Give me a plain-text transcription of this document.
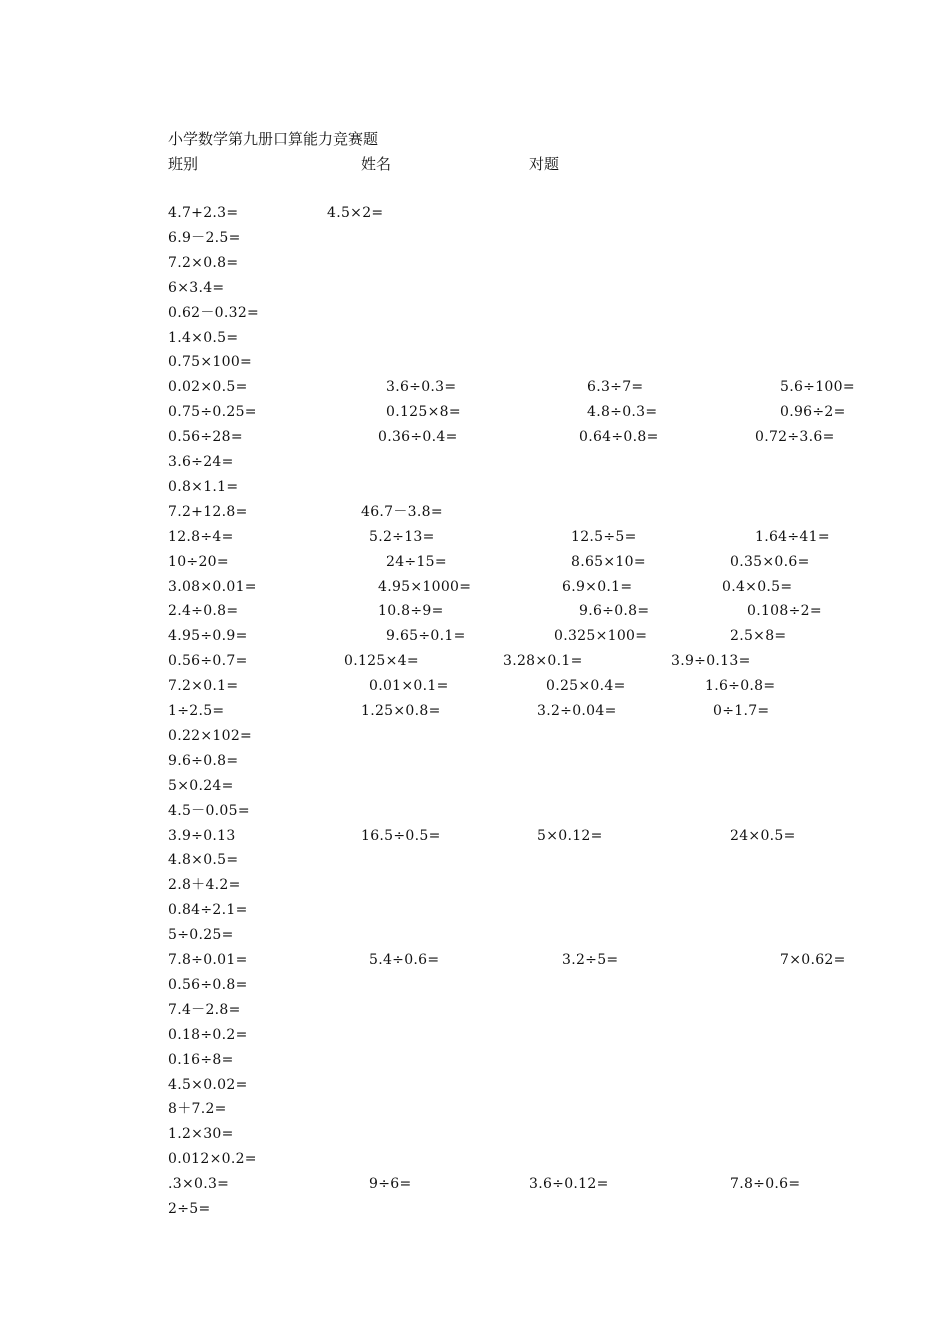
小学数学第九册口算能力竞赛题
班别	姓名	对题
4.7+2.3=	4.5×2=
6.9－2.5=
7.2×0.8=
6×3.4=
0.62－0.32=
1.4×0.5=
0.75×100=
0.02×0.5=	3.6÷0.3=	6.3÷7=	5.6÷100=
0.75÷0.25=	0.125×8=	4.8÷0.3=	0.96÷2=
0.56÷28=	0.36÷0.4=	0.64÷0.8=	0.72÷3.6=
3.6÷24=
0.8×1.1=
7.2+12.8=	46.7－3.8=
12.8÷4=	5.2÷13=	12.5÷5=	1.64÷41=
10÷20=	24÷15=	8.65×10=	0.35×0.6=
3.08×0.01=	4.95×1000=	6.9×0.1=	0.4×0.5=
2.4÷0.8=	10.8÷9=	9.6÷0.8=	0.108÷2=
4.95÷0.9=	9.65÷0.1=	0.325×100=	2.5×8=
0.56÷0.7=	0.125×4=	3.28×0.1=	3.9÷0.13=
7.2×0.1=	0.01×0.1=	0.25×0.4=	1.6÷0.8=
1÷2.5=	1.25×0.8=	3.2÷0.04=	0÷1.7=
0.22×102=
9.6÷0.8=
5×0.24=
4.5－0.05=
3.9÷0.13	16.5÷0.5=	5×0.12=	24×0.5=
4.8×0.5=
2.8＋4.2=
0.84÷2.1=
5÷0.25=
7.8÷0.01=	5.4÷0.6=	3.2÷5=	7×0.62=
0.56÷0.8=
7.4－2.8=
0.18÷0.2=
0.16÷8=
4.5×0.02=
8＋7.2=
1.2×30=
0.012×0.2=
.3×0.3=	9÷6=	3.6÷0.12=	7.8÷0.6=
2÷5=
